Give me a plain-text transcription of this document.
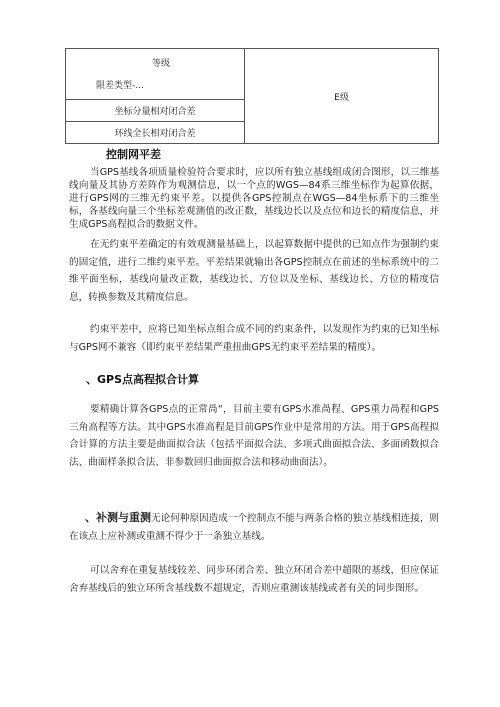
等级
限差类型-...
	E级
坐标分量相对闭合差
环线全长相对闭合差
控制网平差

当GPS基线各项质量检验符合要求时，应以所有独立基线组成闭合图形，以三维基线向量及其协方差阵作为观测信息，以一个点的WGS—84系三维坐标作为起算依据，进行GPS网的三维无约束平差。以提供各GPS控制点在WGS—84坐标系下的三维坐标，各基线向量三个坐标差观测值的改正数，基线边长以及点位和边长的精度信息，并生成GPS高程拟合的数据文件。

在无约束平差确定的有效观测量基础上，以起算数据中提供的已知点作为强制约束的固定值，进行二维约束平差。平差结果就输出各GPS控制点在前述的坐标系统中的二维平面坐标，基线向量改正数，基线边长、方位以及坐标、基线边长、方位的精度信息，转换参数及其精度信息。

约束平差中，应将已知坐标点组合成不同的约束条件，以发现作为约束的已知坐标与GPS网不兼容（即约束平差结果严重扭曲GPS无约束平差结果的精度）。

、GPS点高程拟合计算

要精确计算各GPS点的正常咼“，目前主要有GPS水准咼程、GPS重力咼程和GPS三角高程等方法。其中GPS水准高程是目前GPS作业中是常用的方法。用于GPS高程拟合计算的方法主要是曲面拟合法（包括平面拟合法、多项式曲面拟合法、多面函数拟合法、曲面样条拟合法、非参数回归曲面拟合法和移动曲面法）。

、补测与重测无论何种原因造成一个控制点不能与两条合格的独立基线相连接，则在该点上应补测或重测不得少于一条独立基线。

可以舍弃在重复基线较差、同步环闭合差、独立环闭合差中超限的基线，但应保证舍弃基线后的独立环所含基线数不超规定，否则应重测该基线或者有关的同步图形。
